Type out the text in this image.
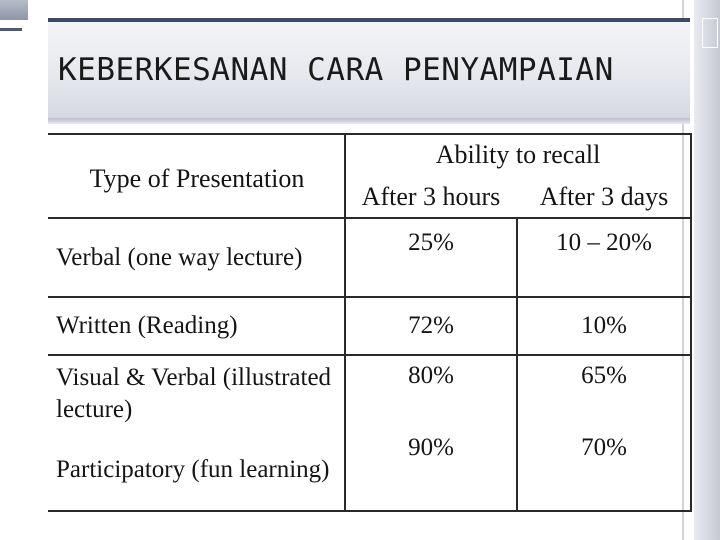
KEBERKESANAN CARA PENYAMPAIAN
Type of Presentation	Ability to recall	
	After 3 hours	After 3 days
Verbal (one way lecture)	25%	10 – 20%
Written (Reading)	72%	10%
Visual & Verbal (illustrated lecture)	80%	65%
Participatory (fun learning)	90%	70%
